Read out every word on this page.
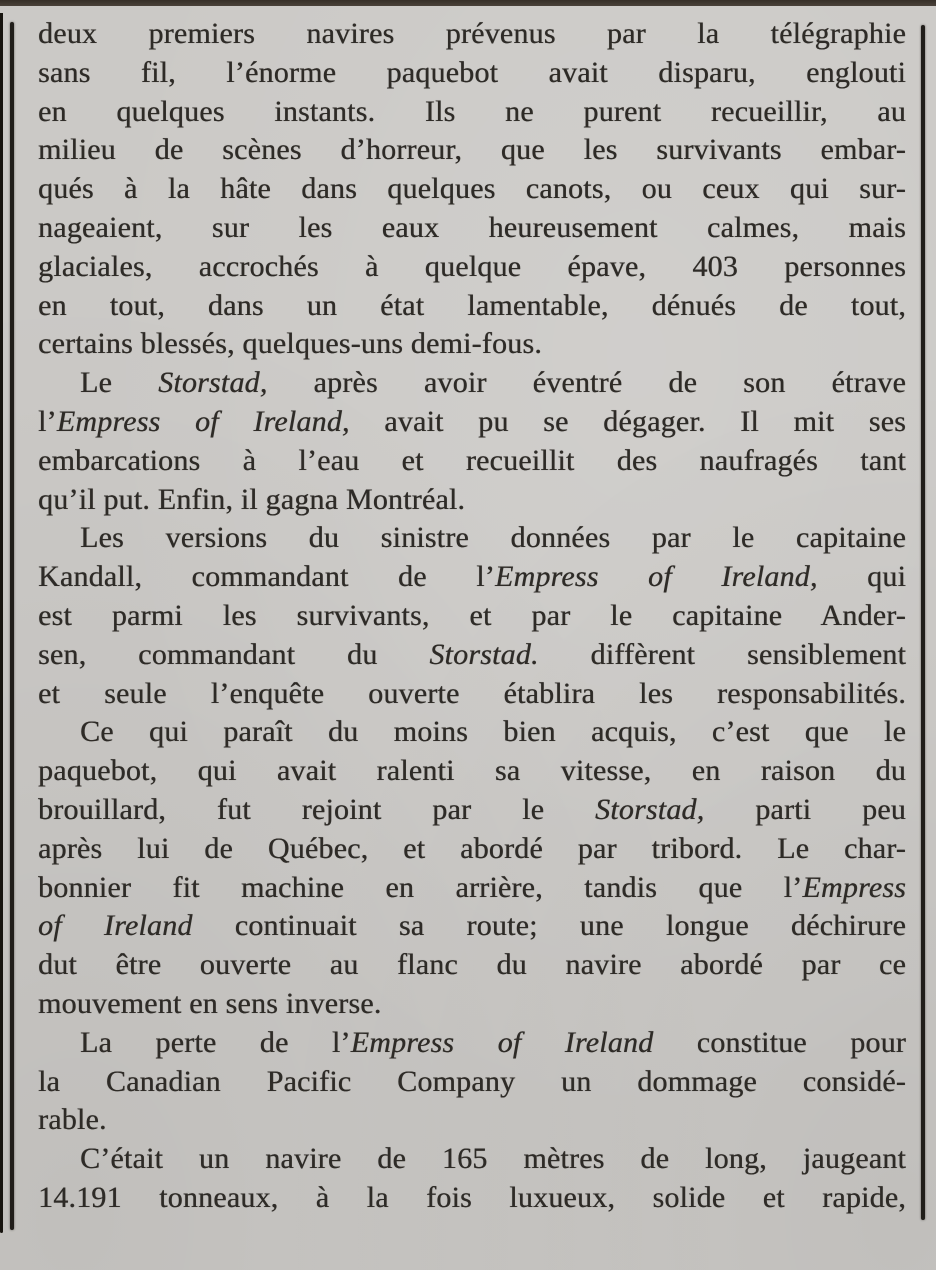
deux premiers navires prévenus par la télégraphie
sans fil, l’énorme paquebot avait disparu, englouti
en quelques instants. Ils ne purent recueillir, au
milieu de scènes d’horreur, que les survivants embar-
qués à la hâte dans quelques canots, ou ceux qui sur-
nageaient, sur les eaux heureusement calmes, mais
glaciales, accrochés à quelque épave, 403 personnes
en tout, dans un état lamentable, dénués de tout,
certains blessés, quelques-uns demi-fous.
Le Storstad, après avoir éventré de son étrave
l’Empress of Ireland, avait pu se dégager. Il mit ses
embarcations à l’eau et recueillit des naufragés tant
qu’il put. Enfin, il gagna Montréal.
Les versions du sinistre données par le capitaine
Kandall, commandant de l’Empress of Ireland, qui
est parmi les survivants, et par le capitaine Ander-
sen, commandant du Storstad. diffèrent sensiblement
et seule l’enquête ouverte établira les responsabilités.
Ce qui paraît du moins bien acquis, c’est que le
paquebot, qui avait ralenti sa vitesse, en raison du
brouillard, fut rejoint par le Storstad, parti peu
après lui de Québec, et abordé par tribord. Le char-
bonnier fit machine en arrière, tandis que l’Empress
of Ireland continuait sa route; une longue déchirure
dut être ouverte au flanc du navire abordé par ce
mouvement en sens inverse.
La perte de l’Empress of Ireland constitue pour
la Canadian Pacific Company un dommage considé-
rable.
C’était un navire de 165 mètres de long, jaugeant
14.191 tonneaux, à la fois luxueux, solide et rapide,
